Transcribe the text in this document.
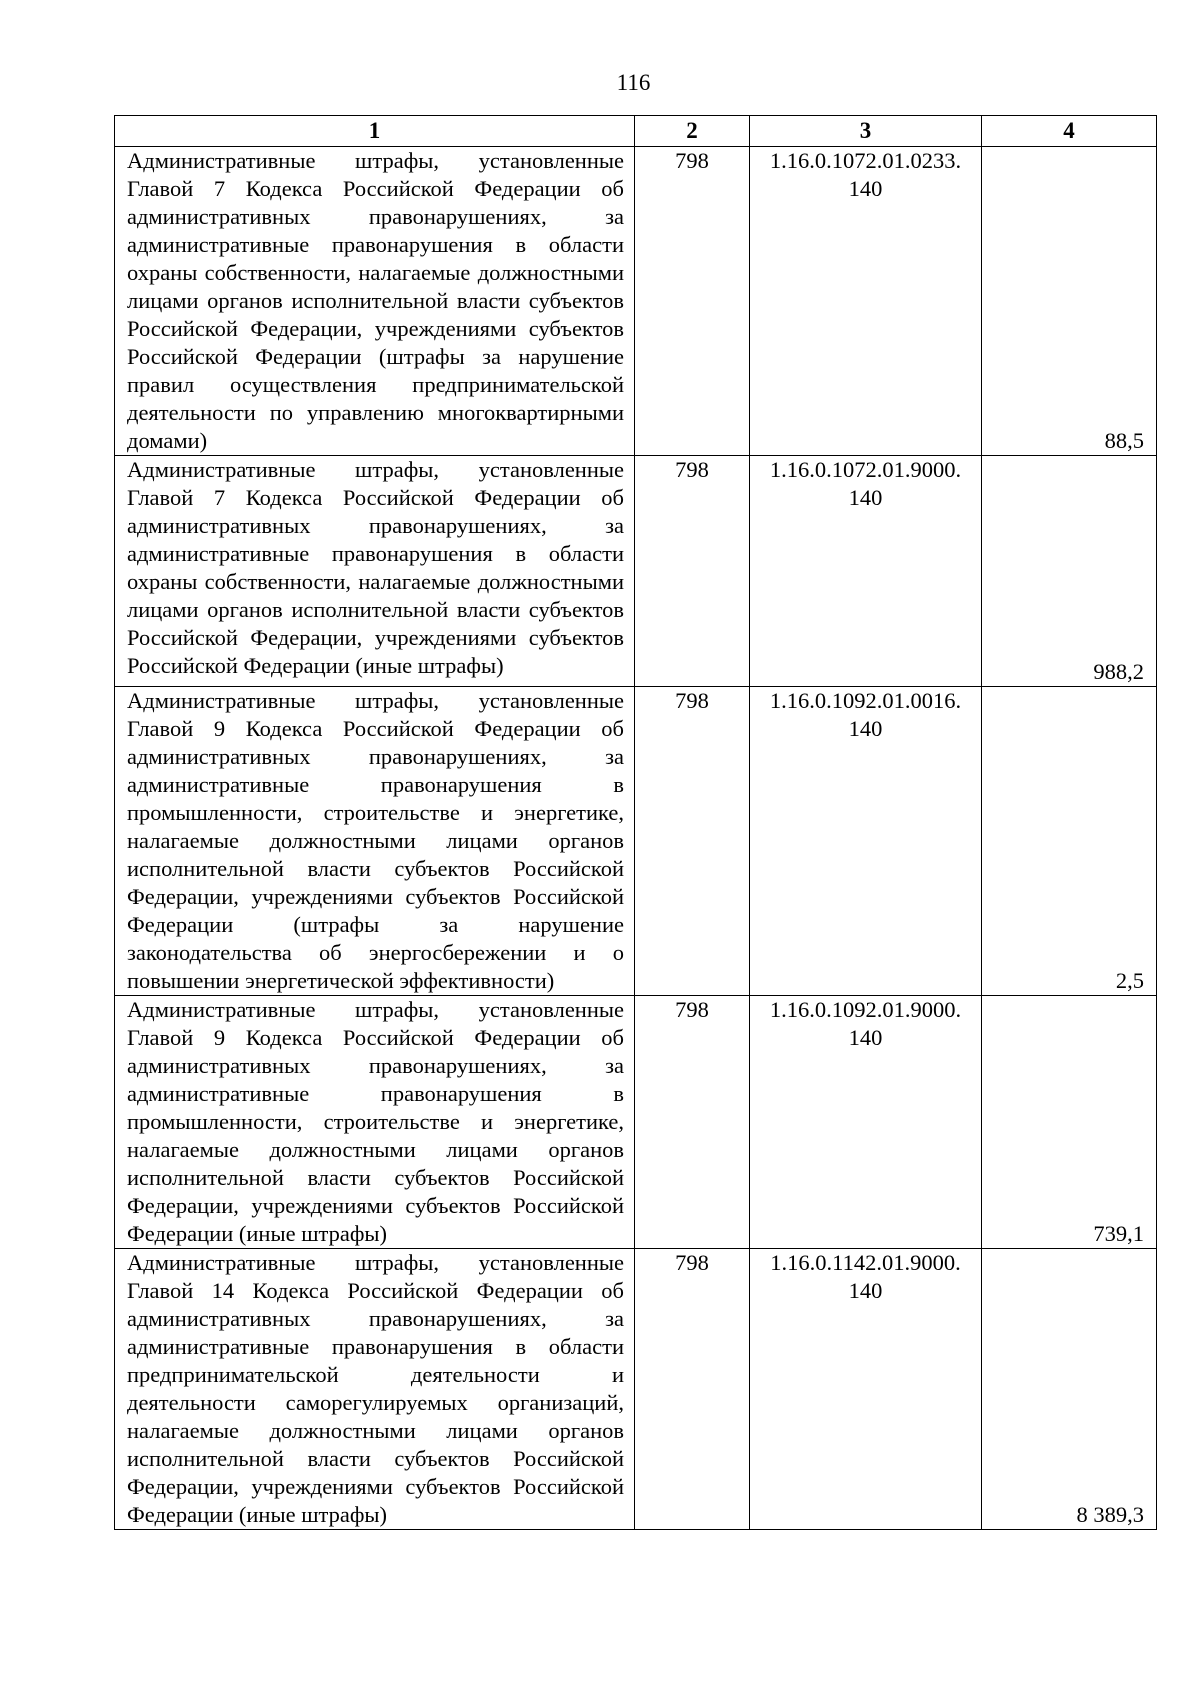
116
1	2	3	4
Административные штрафы, установленные Главой 7 Кодекса Российской Федерации об административных правонарушениях, за административные правонарушения в области охраны собственности, налагаемые должностными лицами органов исполнительной власти субъектов Российской Федерации, учреждениями субъектов Российской Федерации (штрафы за нарушение правил осуществления предпринимательской деятельности по управлению многоквартирными домами)	798	1.16.0.1072.01.0233. 140	88,5
Административные штрафы, установленные Главой 7 Кодекса Российской Федерации об административных правонарушениях, за административные правонарушения в области охраны собственности, налагаемые должностными лицами органов исполнительной власти субъектов Российской Федерации, учреждениями субъектов Российской Федерации (иные штрафы)	798	1.16.0.1072.01.9000. 140	988,2
Административные штрафы, установленные Главой 9 Кодекса Российской Федерации об административных правонарушениях, за административные правонарушения в промышленности, строительстве и энергетике, налагаемые должностными лицами органов исполнительной власти субъектов Российской Федерации, учреждениями субъектов Российской Федерации (штрафы за нарушение законодательства об энергосбережении и о повышении энергетической эффективности)	798	1.16.0.1092.01.0016. 140	2,5
Административные штрафы, установленные Главой 9 Кодекса Российской Федерации об административных правонарушениях, за административные правонарушения в промышленности, строительстве и энергетике, налагаемые должностными лицами органов исполнительной власти субъектов Российской Федерации, учреждениями субъектов Российской Федерации (иные штрафы)	798	1.16.0.1092.01.9000. 140	739,1
Административные штрафы, установленные Главой 14 Кодекса Российской Федерации об административных правонарушениях, за административные правонарушения в области предпринимательской деятельности и деятельности саморегулируемых организаций, налагаемые должностными лицами органов исполнительной власти субъектов Российской Федерации, учреждениями субъектов Российской Федерации (иные штрафы)	798	1.16.0.1142.01.9000. 140	8 389,3
